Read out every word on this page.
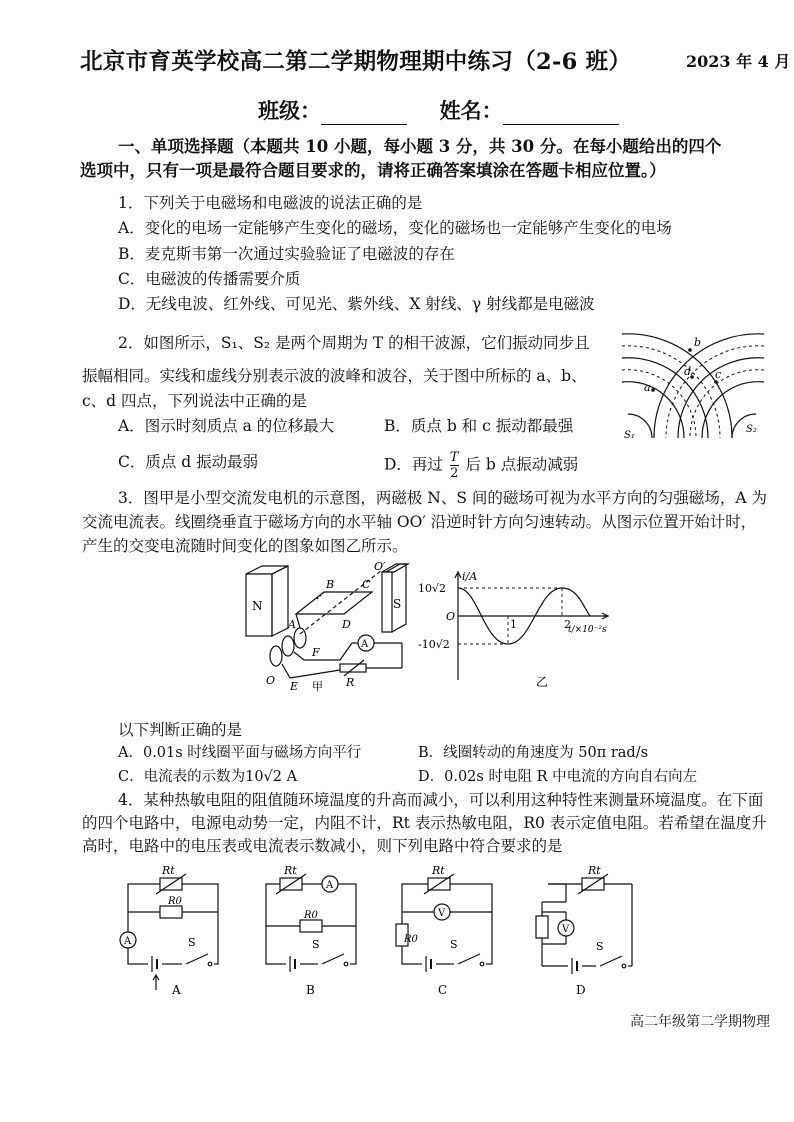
北京市育英学校高二第二学期物理期中练习（2-6 班）	2023 年 4 月
班级：	姓名：
一、单项选择题（本题共 10 小题，每小题 3 分，共 30 分。在每小题给出的四个
选项中，只有一项是最符合题目要求的，请将正确答案填涂在答题卡相应位置。）
1．下列关于电磁场和电磁波的说法正确的是
A．变化的电场一定能够产生变化的磁场，变化的磁场也一定能够产生变化的电场
B．麦克斯韦第一次通过实验验证了电磁波的存在
C．电磁波的传播需要介质
D．无线电波、红外线、可见光、紫外线、X 射线、γ 射线都是电磁波
2．如图所示，S₁、S₂ 是两个周期为 T 的相干波源，它们振动同步且
振幅相同。实线和虚线分别表示波的波峰和波谷，关于图中所标的 a、b、
c、d 四点，下列说法中正确的是
A．图示时刻质点 a 的位移最大	B．质点 b 和 c 振动都最强
C．质点 d 振动最弱	D．再过 $\frac{T}{2}$ 后 b 点振动减弱
a
b
c
d
S₁
S₂
3．图甲是小型交流发电机的示意图，两磁极 N、S 间的磁场可视为水平方向的匀强磁场，A 为
交流电流表。线圈绕垂直于磁场方向的水平轴 OO′ 沿逆时针方向匀速转动。从图示位置开始计时，
产生的交变电流随时间变化的图象如图乙所示。
N	S
B	C
O′
A	D
A
F
O E	R
甲
i/A
10√2
-10√2
O
1	2
t/×10⁻²s
乙
以下判断正确的是
A．0.01s 时线圈平面与磁场方向平行	B．线圈转动的角速度为 50π rad/s
C．电流表的示数为10√2 A	D．0.02s 时电阻 R 中电流的方向自右向左
4．某种热敏电阻的阻值随环境温度的升高而减小，可以利用这种特性来测量环境温度。在下面
的四个电路中，电源电动势一定，内阻不计，Rt 表示热敏电阻，R0 表示定值电阻。若希望在温度升
高时，电路中的电压表或电流表示数减小，则下列电路中符合要求的是
Rt
R0
A	S
A
Rt
R0
A
S
B
Rt
R0
V
S
C
Rt
V
S
D
高二年级第二学期物理
